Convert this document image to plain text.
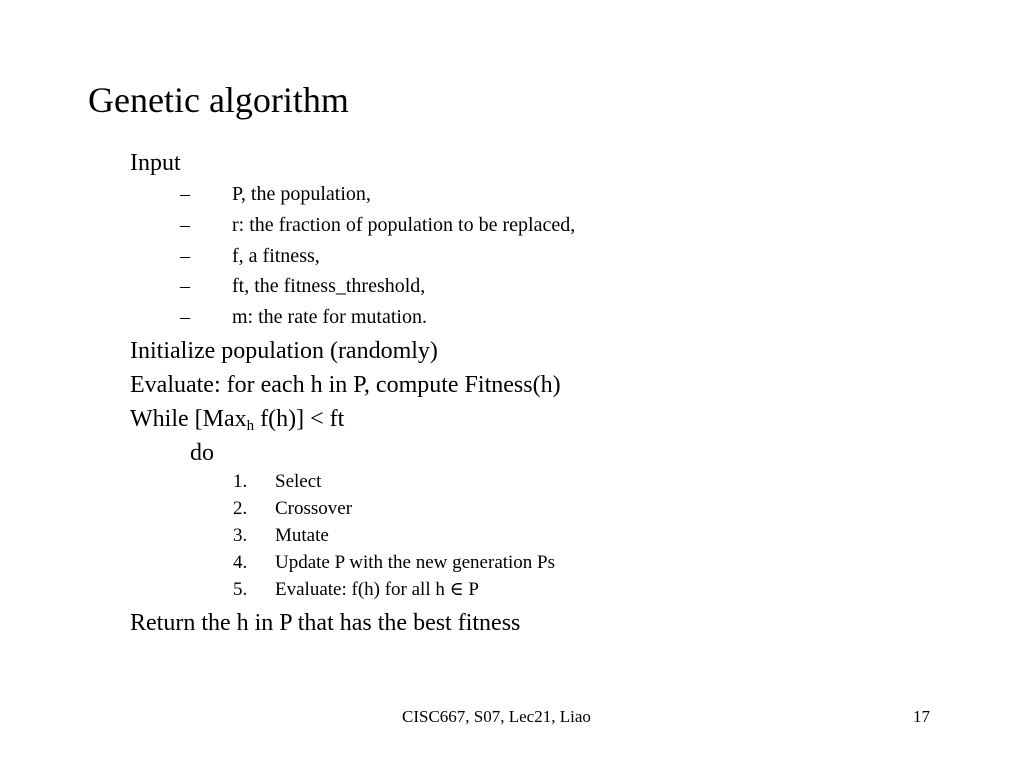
Genetic algorithm
Input
– P, the population,
– r: the fraction of population to be replaced,
– f, a fitness,
– ft, the fitness_threshold,
– m: the rate for mutation.
Initialize population (randomly)
Evaluate: for each h in P, compute Fitness(h)
While [Max$_h$ f(h)] < ft
do
1. Select
2. Crossover
3. Mutate
4. Update P with the new generation Ps
5. Evaluate: f(h) for all h ∈ P
Return the h in P that has the best fitness
CISC667, S07, Lec21, Liao	17
